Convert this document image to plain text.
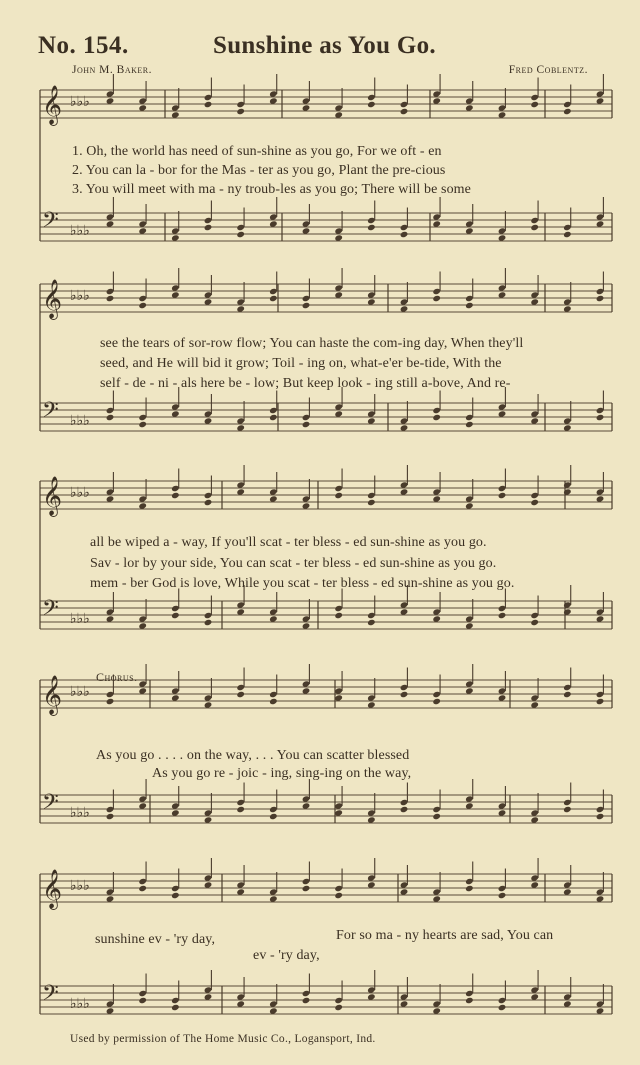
No. 154.	Sunshine as You Go.
John M. Baker.	Fred Coblentz.
𝄞 ♭♭♭
𝄢 ♭♭♭
𝄞 ♭♭♭
𝄢 ♭♭♭
𝄞 ♭♭♭
𝄢 ♭♭♭
𝄞 ♭♭♭
𝄢 ♭♭♭
𝄞 ♭♭♭
𝄢 ♭♭♭
1. Oh, the world has need of sun-shine as you go, For we oft - en
2. You can la - bor for the Mas - ter as you go, Plant the pre-cious
3. You will meet with ma - ny troub-les as you go; There will be some
see the tears of sor-row flow; You can haste the com-ing day, When they'll
seed, and He will bid it grow; Toil - ing on, what-e'er be-tide, With the
self - de - ni - als here be - low; But keep look - ing still a-bove, And re-
all be wiped a - way, If you'll scat - ter bless - ed sun-shine as you go.
Sav - lor by your side, You can scat - ter bless - ed sun-shine as you go.
mem - ber God is love, While you scat - ter bless - ed sun-shine as you go.
Chorus.
As you go . . . . on the way, . . . You can scatter blessed
As you go re - joic - ing, sing-ing on the way,
sunshine ev - 'ry day,	For so ma - ny hearts are sad, You can
ev - 'ry day,
Used by permission of The Home Music Co., Logansport, Ind.
